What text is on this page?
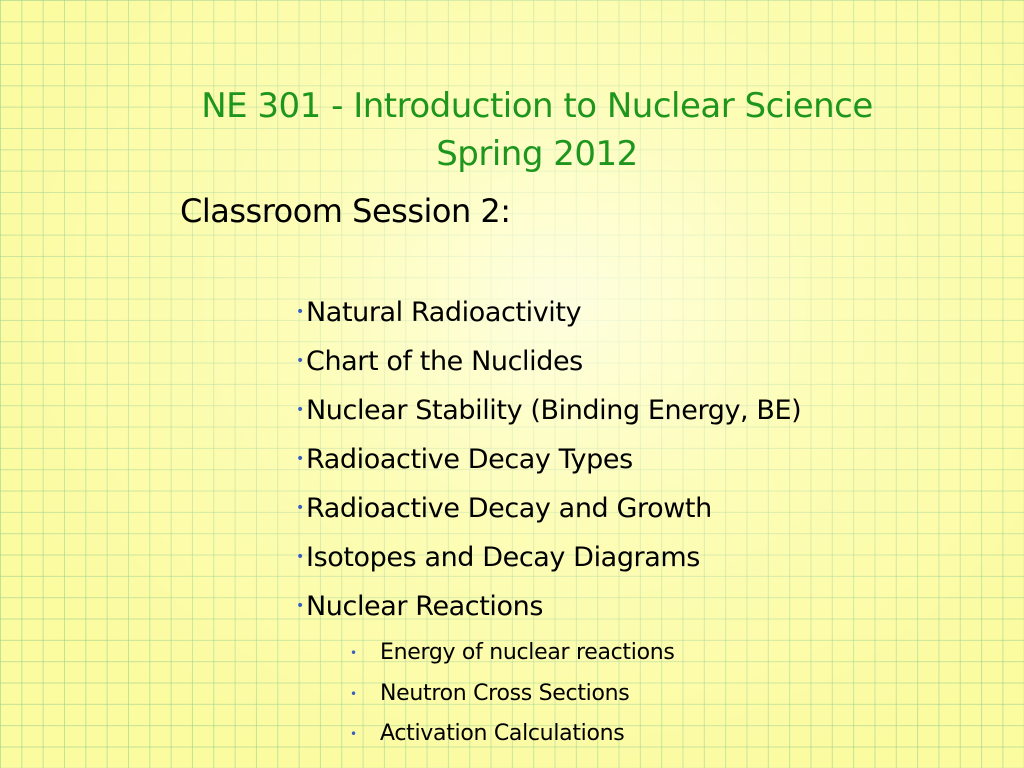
NE 301 - Introduction to Nuclear Science
Spring 2012
Classroom Session 2:
• Natural Radioactivity
• Chart of the Nuclides
• Nuclear Stability (Binding Energy, BE)
• Radioactive Decay Types
• Radioactive Decay and Growth
• Isotopes and Decay Diagrams
• Nuclear Reactions
• Energy of nuclear reactions
• Neutron Cross Sections
• Activation Calculations
